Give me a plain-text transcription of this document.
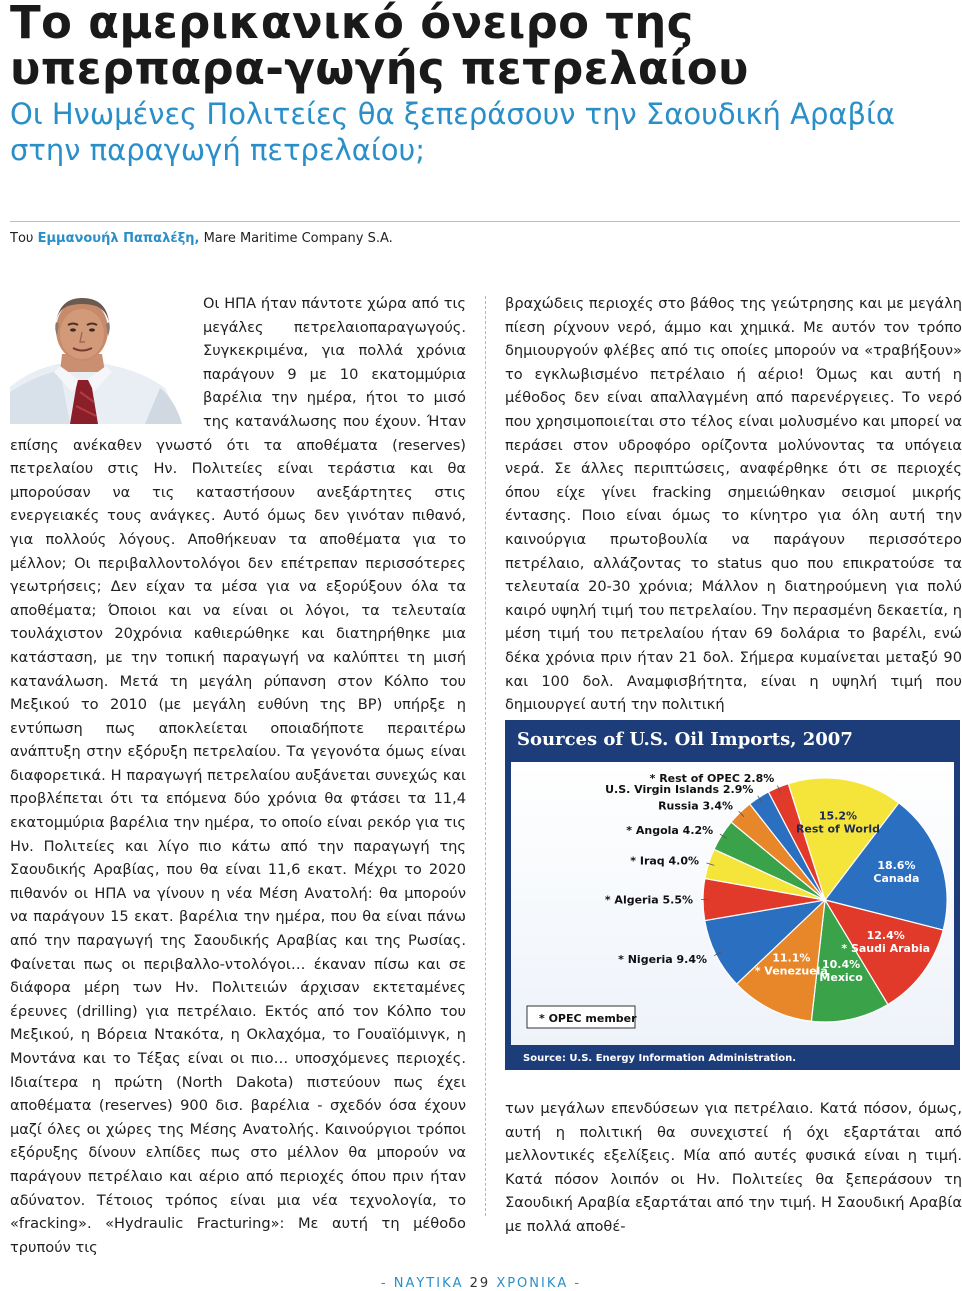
Το αμερικανικό όνειρο της υπερπαρα-γωγής πετρελαίου
Οι Ηνωμένες Πολιτείες θα ξεπεράσουν την Σαουδική Αραβία στην παραγωγή πετρελαίου;
Του Εμμανουήλ Παπαλέξη, Mare Maritime Company S.A.

Οι ΗΠΑ ήταν πάντοτε χώρα από τις μεγάλες πετρελαιοπαραγωγούς. Συγκεκριμένα, για πολλά χρόνια παράγουν 9 με 10 εκατομμύρια βαρέλια την ημέρα, ήτοι το μισό της κατανάλωσης που έχουν. Ήταν επίσης ανέκαθεν γνωστό ότι τα αποθέματα (reserves) πετρελαίου στις Ην. Πολιτείες είναι τεράστια και θα μπορούσαν να τις καταστήσουν ανεξάρτητες στις ενεργειακές τους ανάγκες. Αυτό όμως δεν γινόταν πιθανό, για πολλούς λόγους. Αποθήκευαν τα αποθέματα για το μέλλον; Οι περιβαλλοντολόγοι δεν επέτρεπαν περισσότερες γεωτρήσεις; Δεν είχαν τα μέσα για να εξορύξουν όλα τα αποθέματα; Όποιοι και να είναι οι λόγοι, τα τελευταία τουλάχιστον 20χρόνια καθιερώθηκε και διατηρήθηκε μια κατάσταση, με την τοπική παραγωγή να καλύπτει τη μισή κατανάλωση. Μετά τη μεγάλη ρύπανση στον Κόλπο του Μεξικού το 2010 (με μεγάλη ευθύνη της BP) υπήρξε η εντύπωση πως αποκλείεται οποιαδήποτε περαιτέρω ανάπτυξη στην εξόρυξη πετρελαίου. Τα γεγονότα όμως είναι διαφορετικά. Η παραγωγή πετρελαίου αυξάνεται συνεχώς και προβλέπεται ότι τα επόμενα δύο χρόνια θα φτάσει τα 11,4 εκατομμύρια βαρέλια την ημέρα, το οποίο είναι ρεκόρ για τις Ην. Πολιτείες και λίγο πιο κάτω από την παραγωγή της Σαουδικής Αραβίας, που θα είναι 11,6 εκατ. Μέχρι το 2020 πιθανόν οι ΗΠΑ να γίνουν η νέα Μέση Ανατολή: θα μπορούν να παράγουν 15 εκατ. βαρέλια την ημέρα, που θα είναι πάνω από την παραγωγή της Σαουδικής Αραβίας και της Ρωσίας. Φαίνεται πως οι περιβαλλο-ντολόγοι… έκαναν πίσω και σε διάφορα μέρη των Ην. Πολιτειών άρχισαν εκτεταμένες έρευνες (drilling) για πετρέλαιο. Εκτός από τον Κόλπο του Μεξικού, η Βόρεια Ντακότα, η Οκλαχόμα, το Γουαϊόμινγκ, η Μοντάνα και το Τέξας είναι οι πιο… υποσχόμενες περιοχές. Ιδιαίτερα η πρώτη (North Dakota) πιστεύουν πως έχει αποθέματα (reserves) 900 δισ. βαρέλια - σχεδόν όσα έχουν μαζί όλες οι χώρες της Μέσης Ανατολής. Καινούργιοι τρόποι εξόρυξης δίνουν ελπίδες πως στο μέλλον θα μπορούν να παράγουν πετρέλαιο και αέριο από περιοχές όπου πριν ήταν αδύνατον. Τέτοιος τρόπος είναι μια νέα τεχνολογία, το «fracking». «Hydraulic Fracturing»: Με αυτή τη μέθοδο τρυπούν τις

βραχώδεις περιοχές στο βάθος της γεώτρησης και με μεγάλη πίεση ρίχνουν νερό, άμμο και χημικά. Με αυτόν τον τρόπο δημιουργούν φλέβες από τις οποίες μπορούν να «τραβήξουν» το εγκλωβισμένο πετρέλαιο ή αέριο! Όμως και αυτή η μέθοδος δεν είναι απαλλαγμένη από παρενέργειες. Το νερό που χρησιμοποιείται στο τέλος είναι μολυσμένο και μπορεί να περάσει στον υδροφόρο ορίζοντα μολύνοντας τα υπόγεια νερά. Σε άλλες περιπτώσεις, αναφέρθηκε ότι σε περιοχές όπου είχε γίνει fracking σημειώθηκαν σεισμοί μικρής έντασης. Ποιο είναι όμως το κίνητρο για όλη αυτή την καινούργια πρωτοβουλία να παράγουν περισσότερο πετρέλαιο, αλλάζοντας το status quo που επικρατούσε τα τελευταία 20-30 χρόνια; Μάλλον η διατηρούμενη για πολύ καιρό υψηλή τιμή του πετρελαίου. Την περασμένη δεκαετία, η μέση τιμή του πετρελαίου ήταν 69 δολάρια το βαρέλι, ενώ δέκα χρόνια πριν ήταν 21 δολ. Σήμερα κυμαίνεται μεταξύ 90 και 100 δολ. Αναμφισβήτητα, είναι η υψηλή τιμή που δημιουργεί αυτή την πολιτική

Sources of U.S. Oil Imports, 2007
Source: U.S. Energy Information Administration.
15.2% Rest of World
18.6% Canada
12.4% * Saudi Arabia
10.4% Mexico
11.1% * Venezuela
* Nigeria 9.4%
* Algeria 5.5%
* Iraq 4.0%
* Angola 4.2%
Russia 3.4%
U.S. Virgin Islands 2.9%
* Rest of OPEC 2.8%
* OPEC member

των μεγάλων επενδύσεων για πετρέλαιο. Κατά πόσον, όμως, αυτή η πολιτική θα συνεχιστεί ή όχι εξαρτάται από μελλοντικές εξελίξεις. Μία από αυτές φυσικά είναι η τιμή. Κατά πόσον λοιπόν οι Ην. Πολιτείες θα ξεπεράσουν τη Σαουδική Αραβία εξαρτάται από την τιμή. Η Σαουδική Αραβία με πολλά αποθέ-

- ΝΑΥΤΙΚΑ 29 ΧΡΟΝΙΚΑ -
